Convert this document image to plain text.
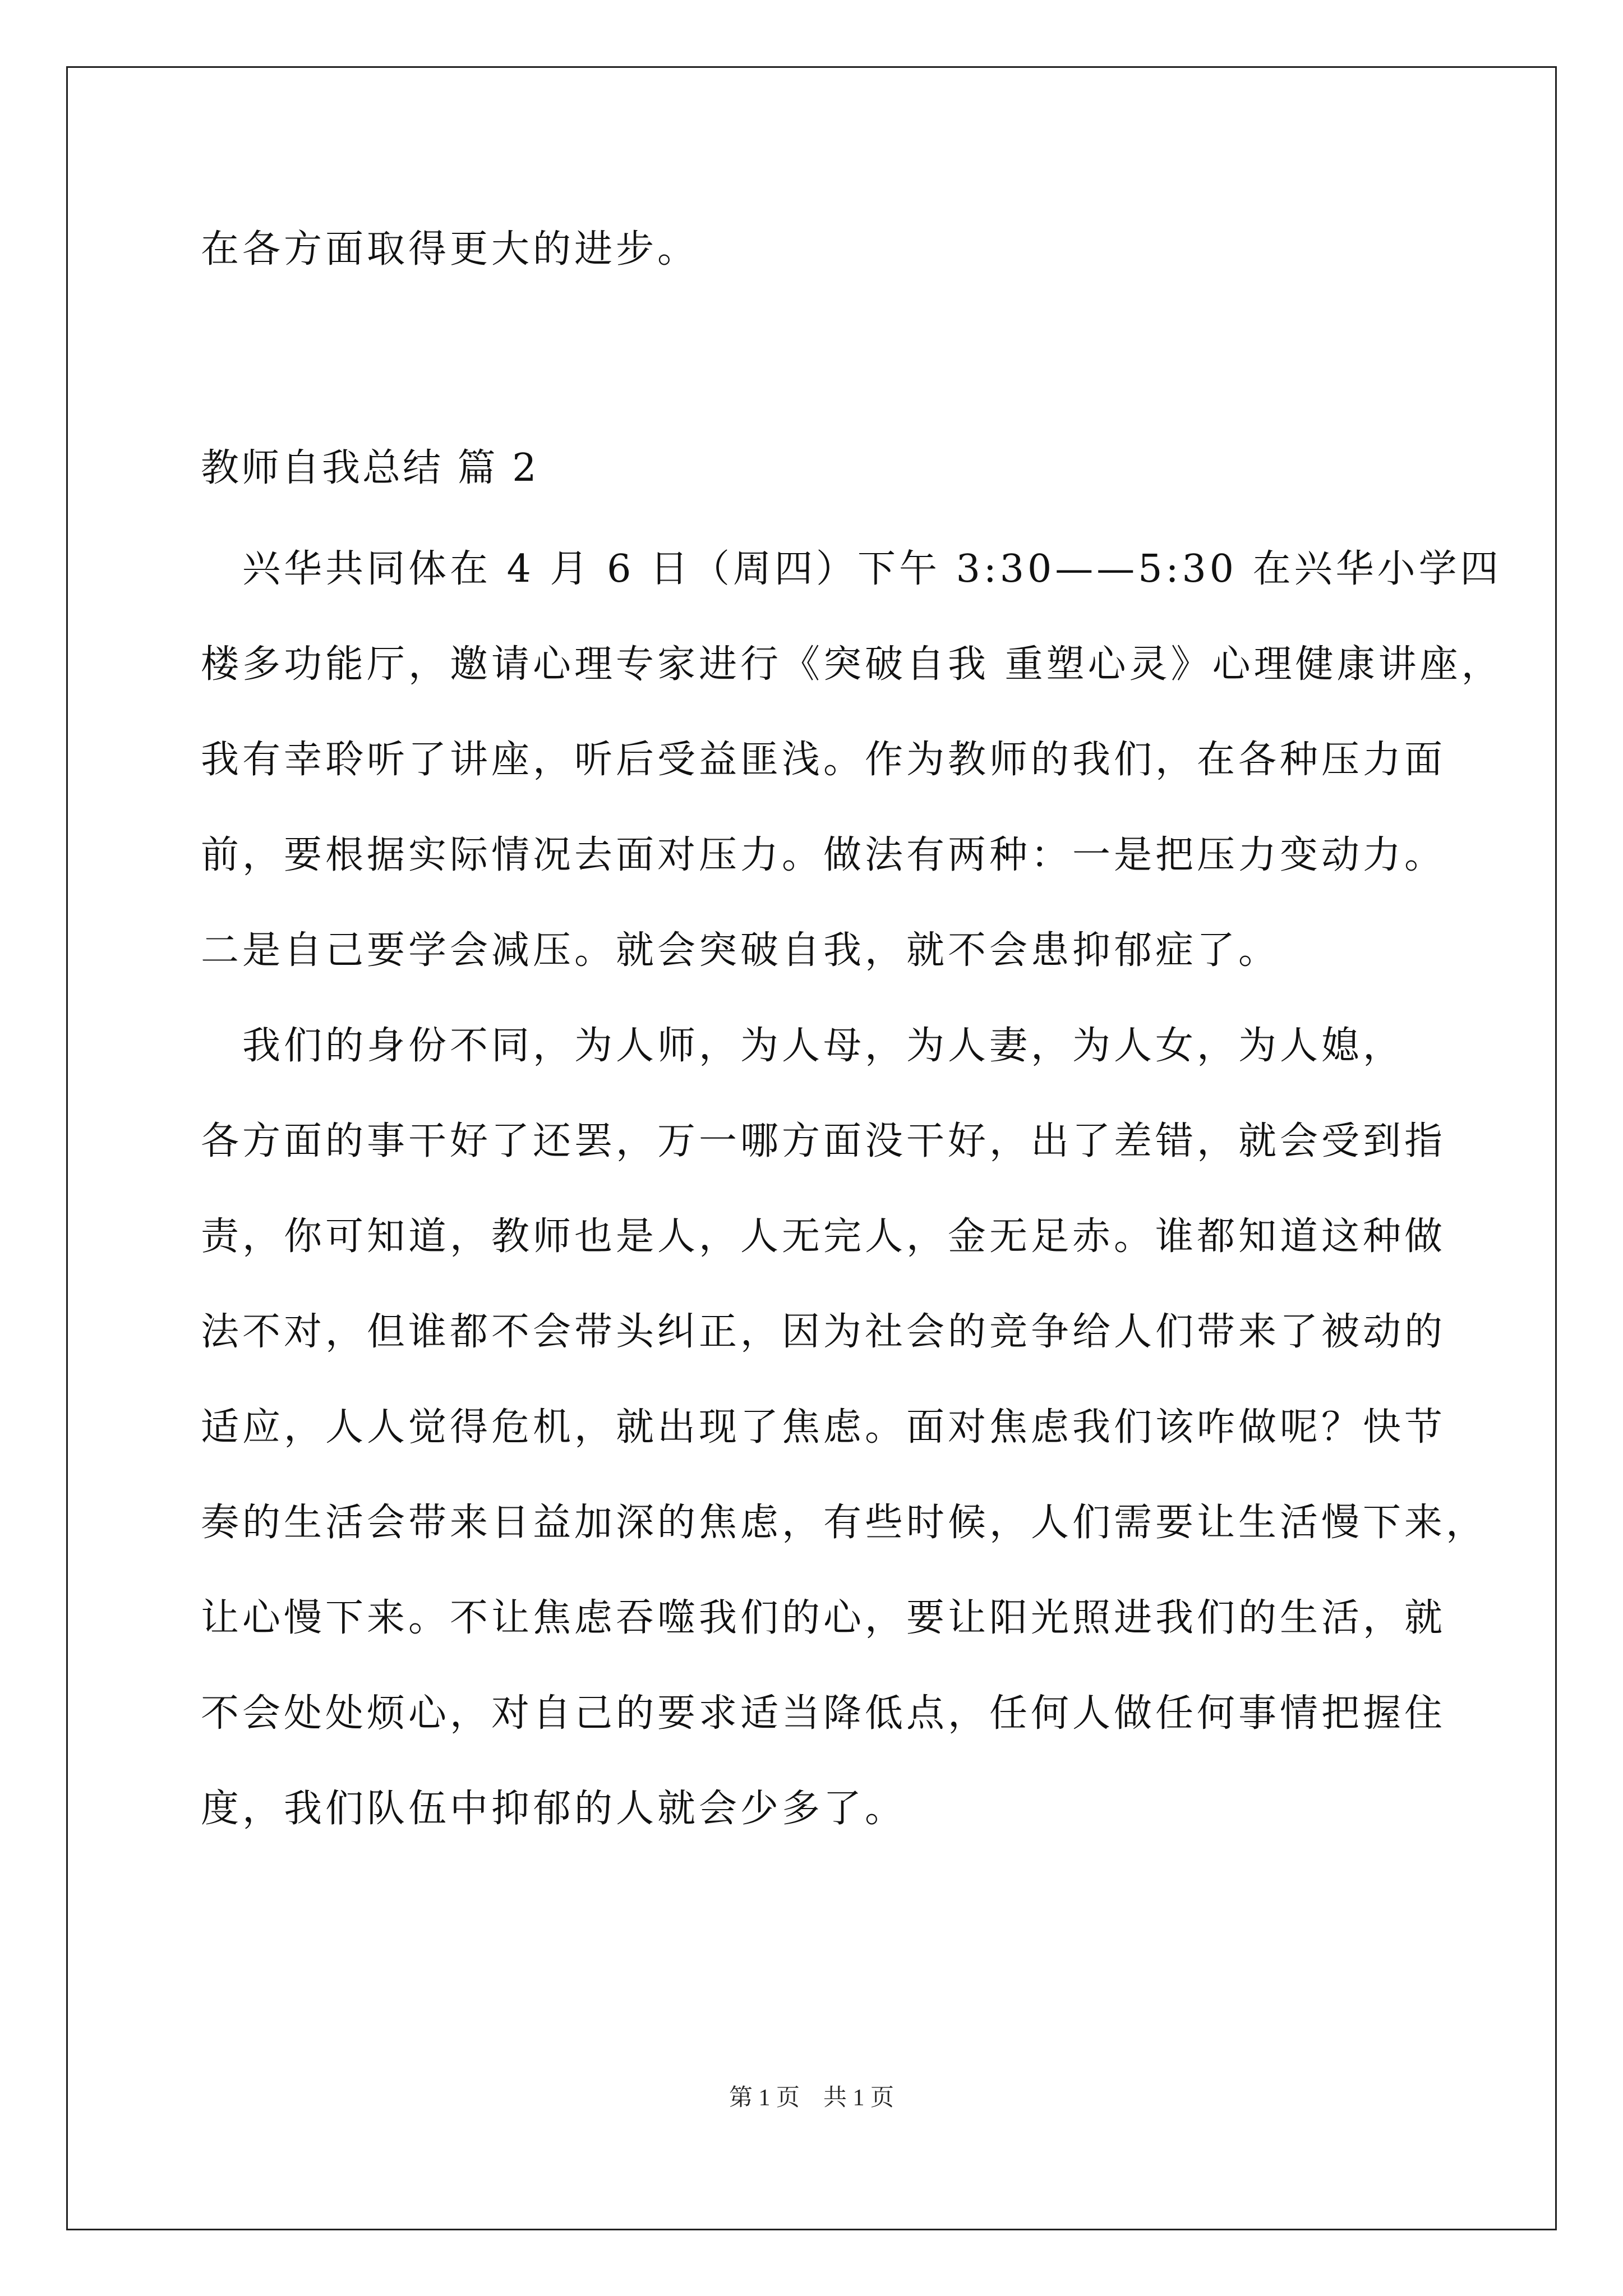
在各方面取得更大的进步。
教师自我总结 篇 2
兴华共同体在 4 月 6 日（周四）下午 3:30——5:30 在兴华小学四
楼多功能厅，邀请心理专家进行《突破自我 重塑心灵》心理健康讲座，
我有幸聆听了讲座，听后受益匪浅。作为教师的我们，在各种压力面
前，要根据实际情况去面对压力。做法有两种：一是把压力变动力。
二是自己要学会减压。就会突破自我，就不会患抑郁症了。
我们的身份不同，为人师，为人母，为人妻，为人女，为人媳，
各方面的事干好了还罢，万一哪方面没干好，出了差错，就会受到指
责，你可知道，教师也是人，人无完人，金无足赤。谁都知道这种做
法不对，但谁都不会带头纠正，因为社会的竞争给人们带来了被动的
适应，人人觉得危机，就出现了焦虑。面对焦虑我们该咋做呢？快节
奏的生活会带来日益加深的焦虑，有些时候，人们需要让生活慢下来，
让心慢下来。不让焦虑吞噬我们的心，要让阳光照进我们的生活，就
不会处处烦心，对自己的要求适当降低点，任何人做任何事情把握住
度，我们队伍中抑郁的人就会少多了。
第 1 页　共 1 页
